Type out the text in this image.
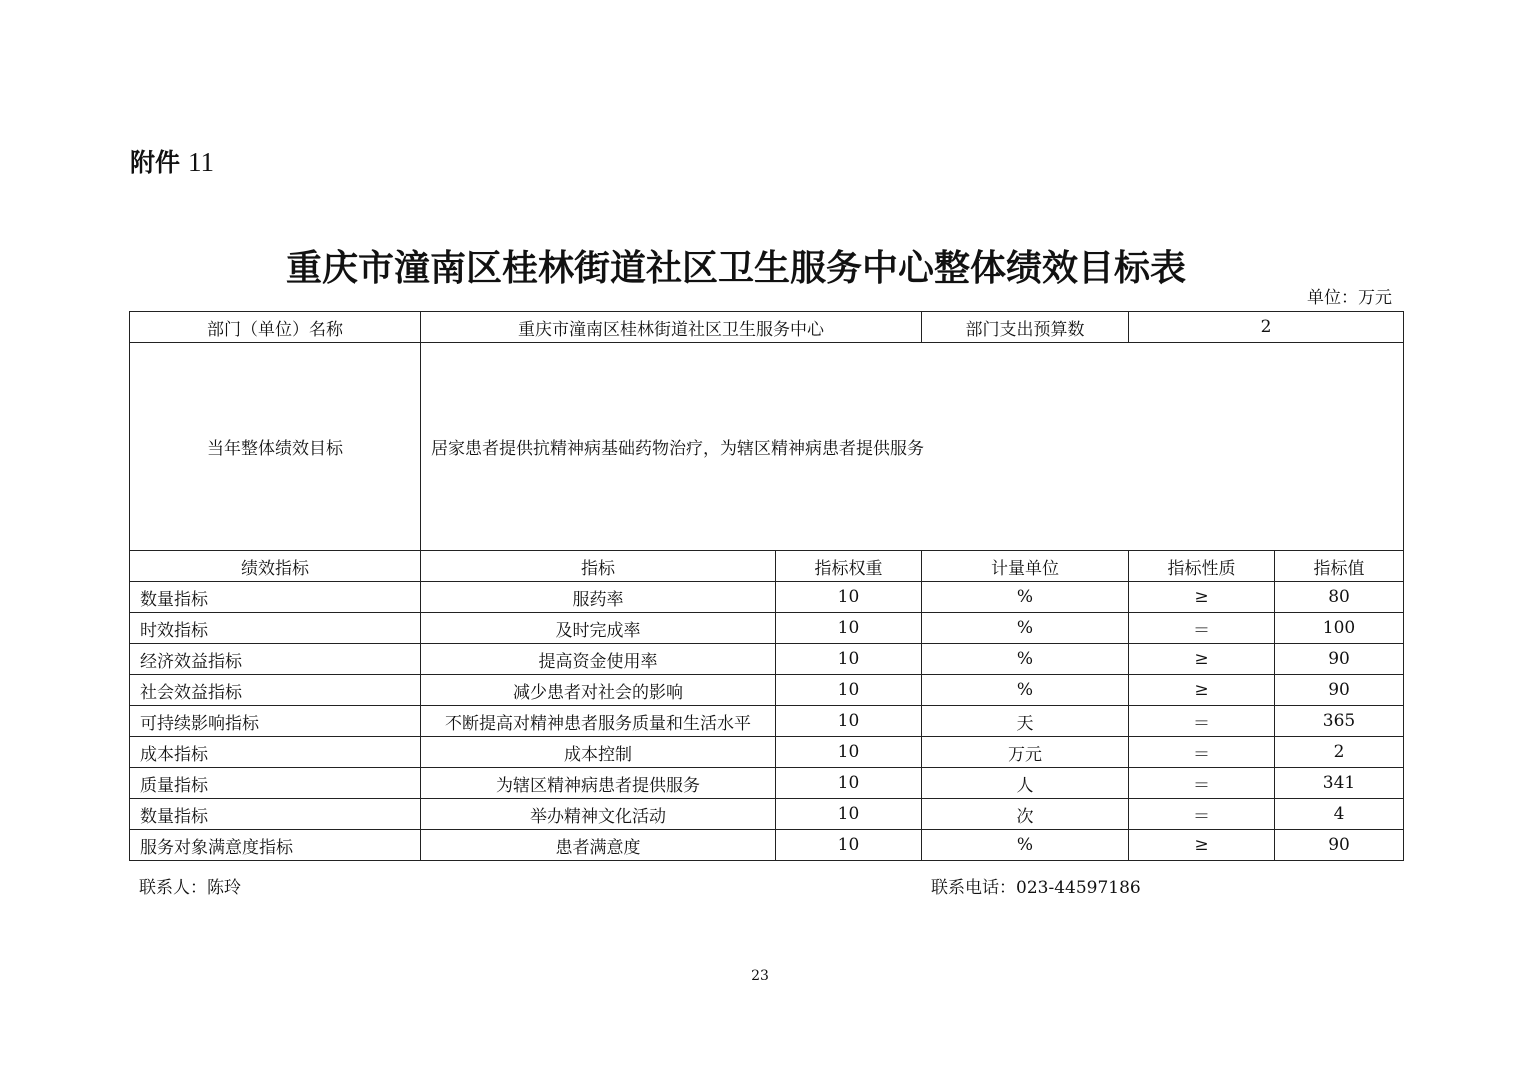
附件 11
重庆市潼南区桂林街道社区卫生服务中心整体绩效目标表
单位：万元
部门（单位）名称	重庆市潼南区桂林街道社区卫生服务中心		部门支出预算数	2	
当年整体绩效目标	居家患者提供抗精神病基础药物治疗，为辖区精神病患者提供服务				
绩效指标	指标	指标权重	计量单位	指标性质	指标值
数量指标	服药率	10	%	≥	80
时效指标	及时完成率	10	%	＝	100
经济效益指标	提高资金使用率	10	%	≥	90
社会效益指标	减少患者对社会的影响	10	%	≥	90
可持续影响指标	不断提高对精神患者服务质量和生活水平	10	天	＝	365
成本指标	成本控制	10	万元	＝	2
质量指标	为辖区精神病患者提供服务	10	人	＝	341
数量指标	举办精神文化活动	10	次	＝	4
服务对象满意度指标	患者满意度	10	%	≥	90
联系人：陈玲	联系电话：023-44597186
23
